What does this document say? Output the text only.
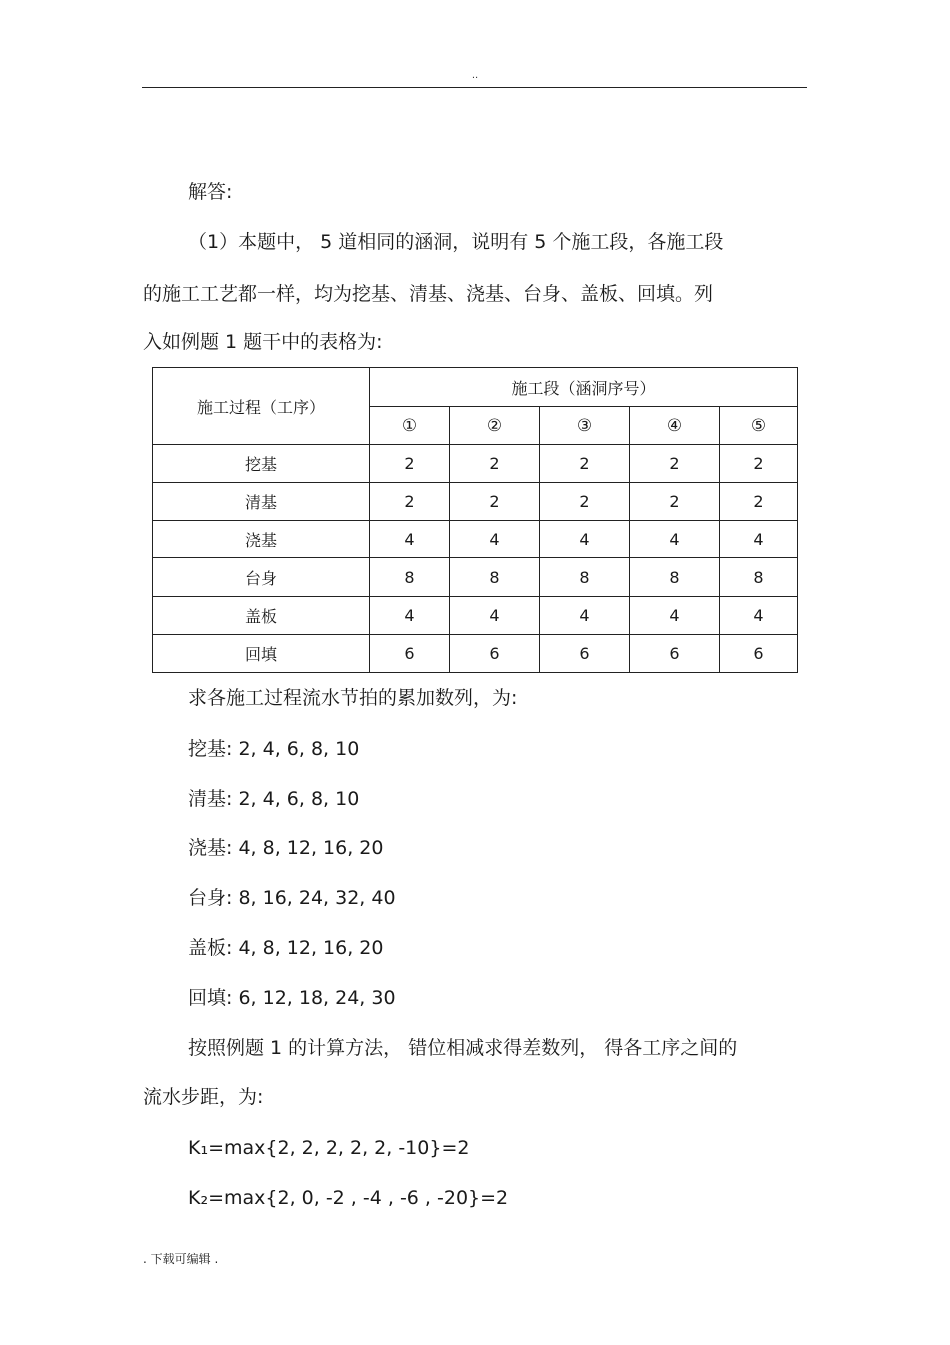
..
解答:
（1）本题中， 5 道相同的涵洞，说明有 5 个施工段，各施工段
的施工工艺都一样，均为挖基、清基、浇基、台身、盖板、回填。列
入如例题 1 题干中的表格为:
施工过程（工序）	施工段（涵洞序号）				
	①	②	③	④	⑤
挖基	2	2	2	2	2
清基	2	2	2	2	2
浇基	4	4	4	4	4
台身	8	8	8	8	8
盖板	4	4	4	4	4
回填	6	6	6	6	6
求各施工过程流水节拍的累加数列，为:
挖基: 2, 4, 6, 8, 10
清基: 2, 4, 6, 8, 10
浇基: 4, 8, 12, 16, 20
台身: 8, 16, 24, 32, 40
盖板: 4, 8, 12, 16, 20
回填: 6, 12, 18, 24, 30
按照例题 1 的计算方法， 错位相减求得差数列， 得各工序之间的
流水步距，为:
K₁=max{2, 2, 2, 2, 2, -10}=2
K₂=max{2, 0, -2 , -4 , -6 , -20}=2
. 下载可编辑 .
